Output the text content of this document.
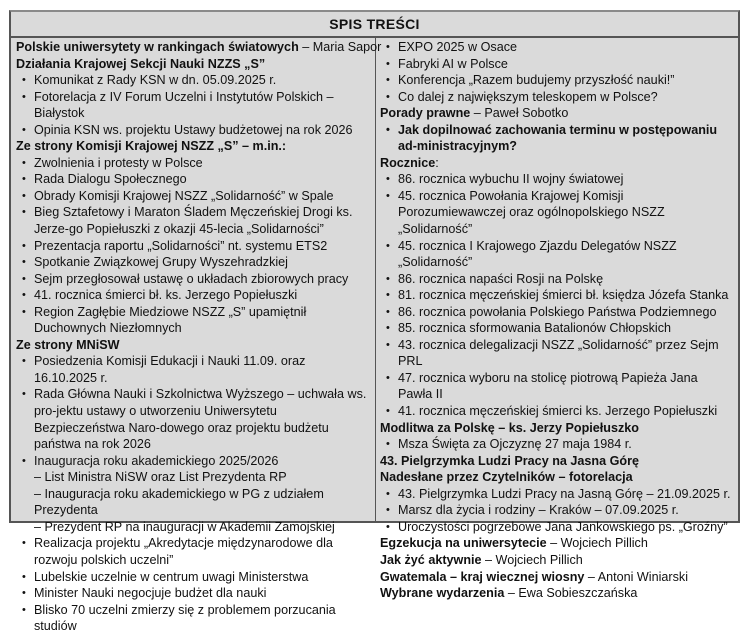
SPIS TREŚCI
Polskie uniwersytety w rankingach światowych – Maria Sapor
Działania Krajowej Sekcji Nauki NZZS „S”
• Komunikat z Rady KSN w dn. 05.09.2025 r.
• Fotorelacja z IV Forum Uczelni i Instytutów Polskich – Białystok
• Opinia KSN ws. projektu Ustawy budżetowej na rok 2026
Ze strony Komisji Krajowej NSZZ „S” – m.in.:
• Zwolnienia i protesty w Polsce
• Rada Dialogu Społecznego
• Obrady Komisji Krajowej NSZZ „Solidarność” w Spale
• Bieg Sztafetowy i Maraton Śladem Męczeńskiej Drogi ks. Jerze-go Popiełuszki z okazji 45-lecia „Solidarności”
• Prezentacja raportu „Solidarności” nt. systemu ETS2
• Spotkanie Związkowej Grupy Wyszehradzkiej
• Sejm przegłosował ustawę o układach zbiorowych pracy
• 41. rocznica śmierci bł. ks. Jerzego Popiełuszki
• Region Zagłębie Miedziowe NSZZ „S” upamiętnił Duchownych Niezłomnych
Ze strony MNiSW
• Posiedzenia Komisji Edukacji i Nauki 11.09. oraz 16.10.2025 r.
• Rada Główna Nauki i Szkolnictwa Wyższego – uchwała ws. pro-jektu ustawy o utworzeniu Uniwersytetu Bezpieczeństwa Naro-dowego oraz projektu budżetu państwa na rok 2026
• Inauguracja roku akademickiego 2025/2026
– List Ministra NiSW oraz List Prezydenta RP
– Inauguracja roku akademickiego w PG z udziałem Prezydenta
– Prezydent RP na inauguracji w Akademii Zamojskiej
• Realizacja projektu „Akredytacje międzynarodowe dla rozwoju polskich uczelni”
• Lubelskie uczelnie w centrum uwagi Ministerstwa
• Minister Nauki negocjuje budżet dla nauki
• Blisko 70 uczelni zmierzy się z problemem porzucania studiów
• EXPO 2025 w Osace
• Fabryki AI w Polsce
• Konferencja „Razem budujemy przyszłość nauki!”
• Co dalej z największym teleskopem w Polsce?
Porady prawne – Paweł Sobotko
• Jak dopilnować zachowania terminu w postępowaniu ad-ministracyjnym?
Rocznice:
• 86. rocznica wybuchu II wojny światowej
• 45. rocznica Powołania Krajowej Komisji Porozumiewawczej oraz ogólnopolskiego NSZZ „Solidarność”
• 45. rocznica I Krajowego Zjazdu Delegatów NSZZ „Solidarność”
• 86. rocznica napaści Rosji na Polskę
• 81. rocznica męczeńskiej śmierci bł. księdza Józefa Stanka
• 86. rocznica powołania Polskiego Państwa Podziemnego
• 85. rocznica sformowania Batalionów Chłopskich
• 43. rocznica delegalizacji NSZZ „Solidarność” przez Sejm PRL
• 47. rocznica wyboru na stolicę piotrową Papieża Jana Pawła II
• 41. rocznica męczeńskiej śmierci ks. Jerzego Popiełuszki
Modlitwa za Polskę – ks. Jerzy Popiełuszko
• Msza Święta za Ojczyznę 27 maja 1984 r.
43. Pielgrzymka Ludzi Pracy na Jasna Górę
Nadesłane przez Czytelników – fotorelacja
• 43. Pielgrzymka Ludzi Pracy na Jasną Górę – 21.09.2025 r.
• Marsz dla życia i rodziny – Kraków – 07.09.2025 r.
• Uroczystości pogrzebowe Jana Jankowskiego ps. „Groźny”
Egzekucja na uniwersytecie – Wojciech Pillich
Jak żyć aktywnie – Wojciech Pillich
Gwatemala – kraj wiecznej wiosny – Antoni Winiarski
Wybrane wydarzenia – Ewa Sobieszczańska
